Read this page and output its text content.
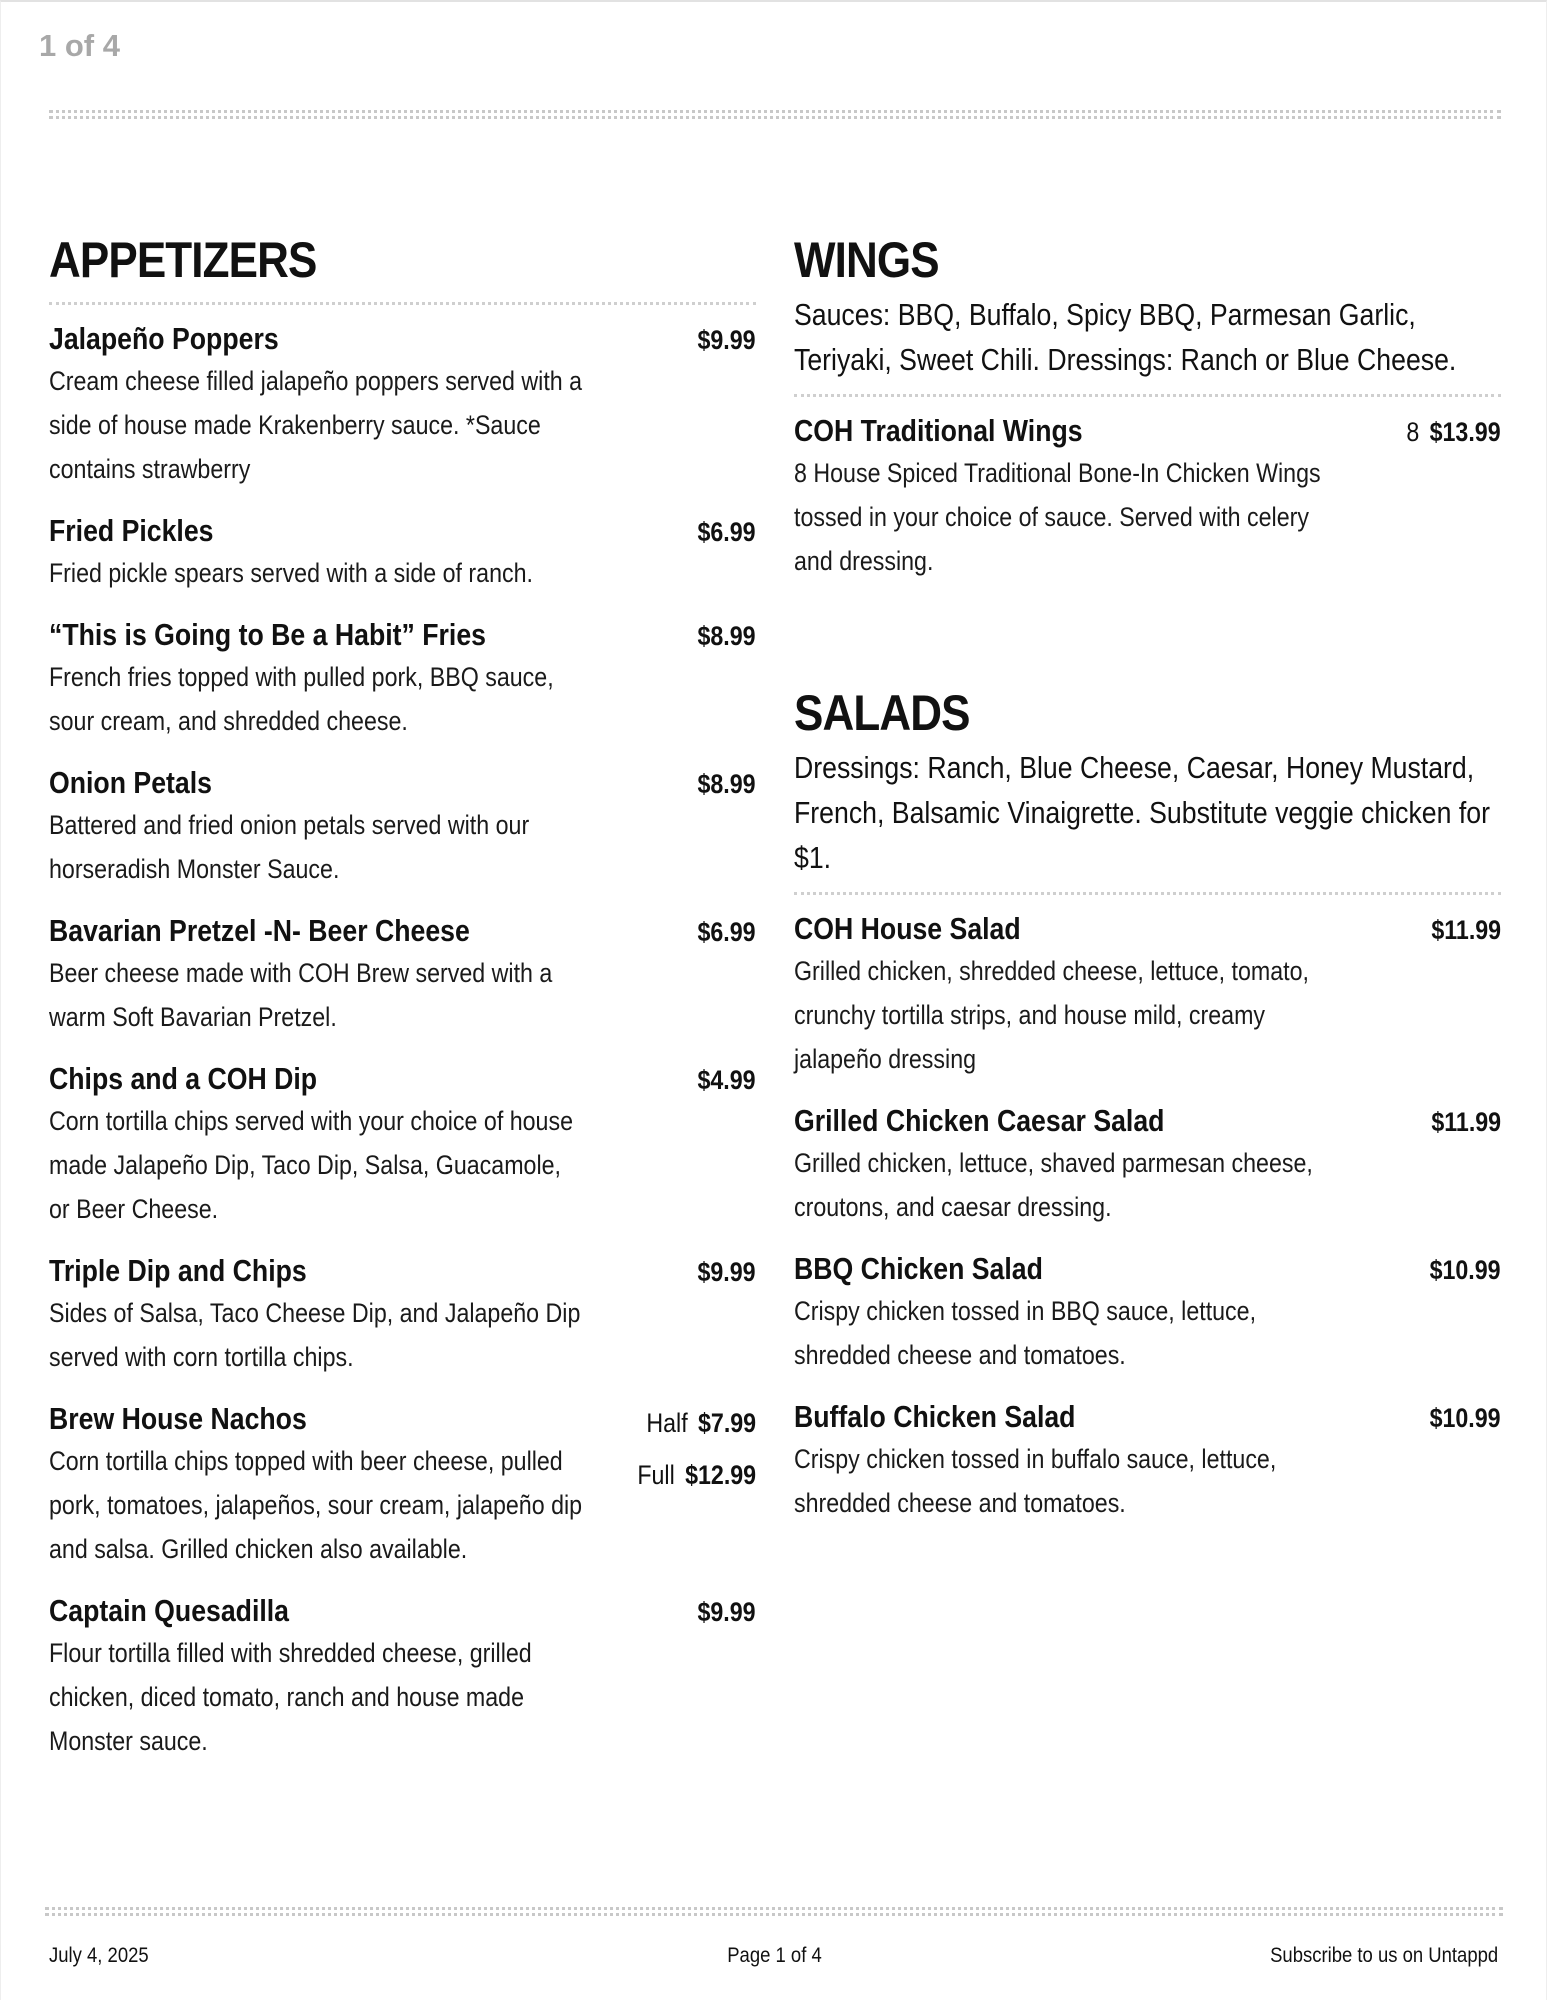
1 of 4
APPETIZERS
Jalapeño Poppers	$9.99
Cream cheese filled jalapeño poppers served with a side of house made Krakenberry sauce. *Sauce contains strawberry
Fried Pickles	$6.99
Fried pickle spears served with a side of ranch.
“This is Going to Be a Habit” Fries	$8.99
French fries topped with pulled pork, BBQ sauce, sour cream, and shredded cheese.
Onion Petals	$8.99
Battered and fried onion petals served with our horseradish Monster Sauce.
Bavarian Pretzel -N- Beer Cheese	$6.99
Beer cheese made with COH Brew served with a warm Soft Bavarian Pretzel.
Chips and a COH Dip	$4.99
Corn tortilla chips served with your choice of house made Jalapeño Dip, Taco Dip, Salsa, Guacamole, or Beer Cheese.
Triple Dip and Chips	$9.99
Sides of Salsa, Taco Cheese Dip, and Jalapeño Dip served with corn tortilla chips.
Brew House Nachos	Half $7.99
Full $12.99
Corn tortilla chips topped with beer cheese, pulled pork, tomatoes, jalapeños, sour cream, jalapeño dip and salsa. Grilled chicken also available.
Captain Quesadilla	$9.99
Flour tortilla filled with shredded cheese, grilled chicken, diced tomato, ranch and house made Monster sauce.
WINGS
Sauces: BBQ, Buffalo, Spicy BBQ, Parmesan Garlic, Teriyaki, Sweet Chili. Dressings: Ranch or Blue Cheese.
COH Traditional Wings	8 $13.99
8 House Spiced Traditional Bone-In Chicken Wings tossed in your choice of sauce. Served with celery and dressing.
SALADS
Dressings: Ranch, Blue Cheese, Caesar, Honey Mustard, French, Balsamic Vinaigrette. Substitute veggie chicken for $1.
COH House Salad	$11.99
Grilled chicken, shredded cheese, lettuce, tomato, crunchy tortilla strips, and house mild, creamy jalapeño dressing
Grilled Chicken Caesar Salad	$11.99
Grilled chicken, lettuce, shaved parmesan cheese, croutons, and caesar dressing.
BBQ Chicken Salad	$10.99
Crispy chicken tossed in BBQ sauce, lettuce, shredded cheese and tomatoes.
Buffalo Chicken Salad	$10.99
Crispy chicken tossed in buffalo sauce, lettuce, shredded cheese and tomatoes.
July 4, 2025	Page 1 of 4	Subscribe to us on Untappd
